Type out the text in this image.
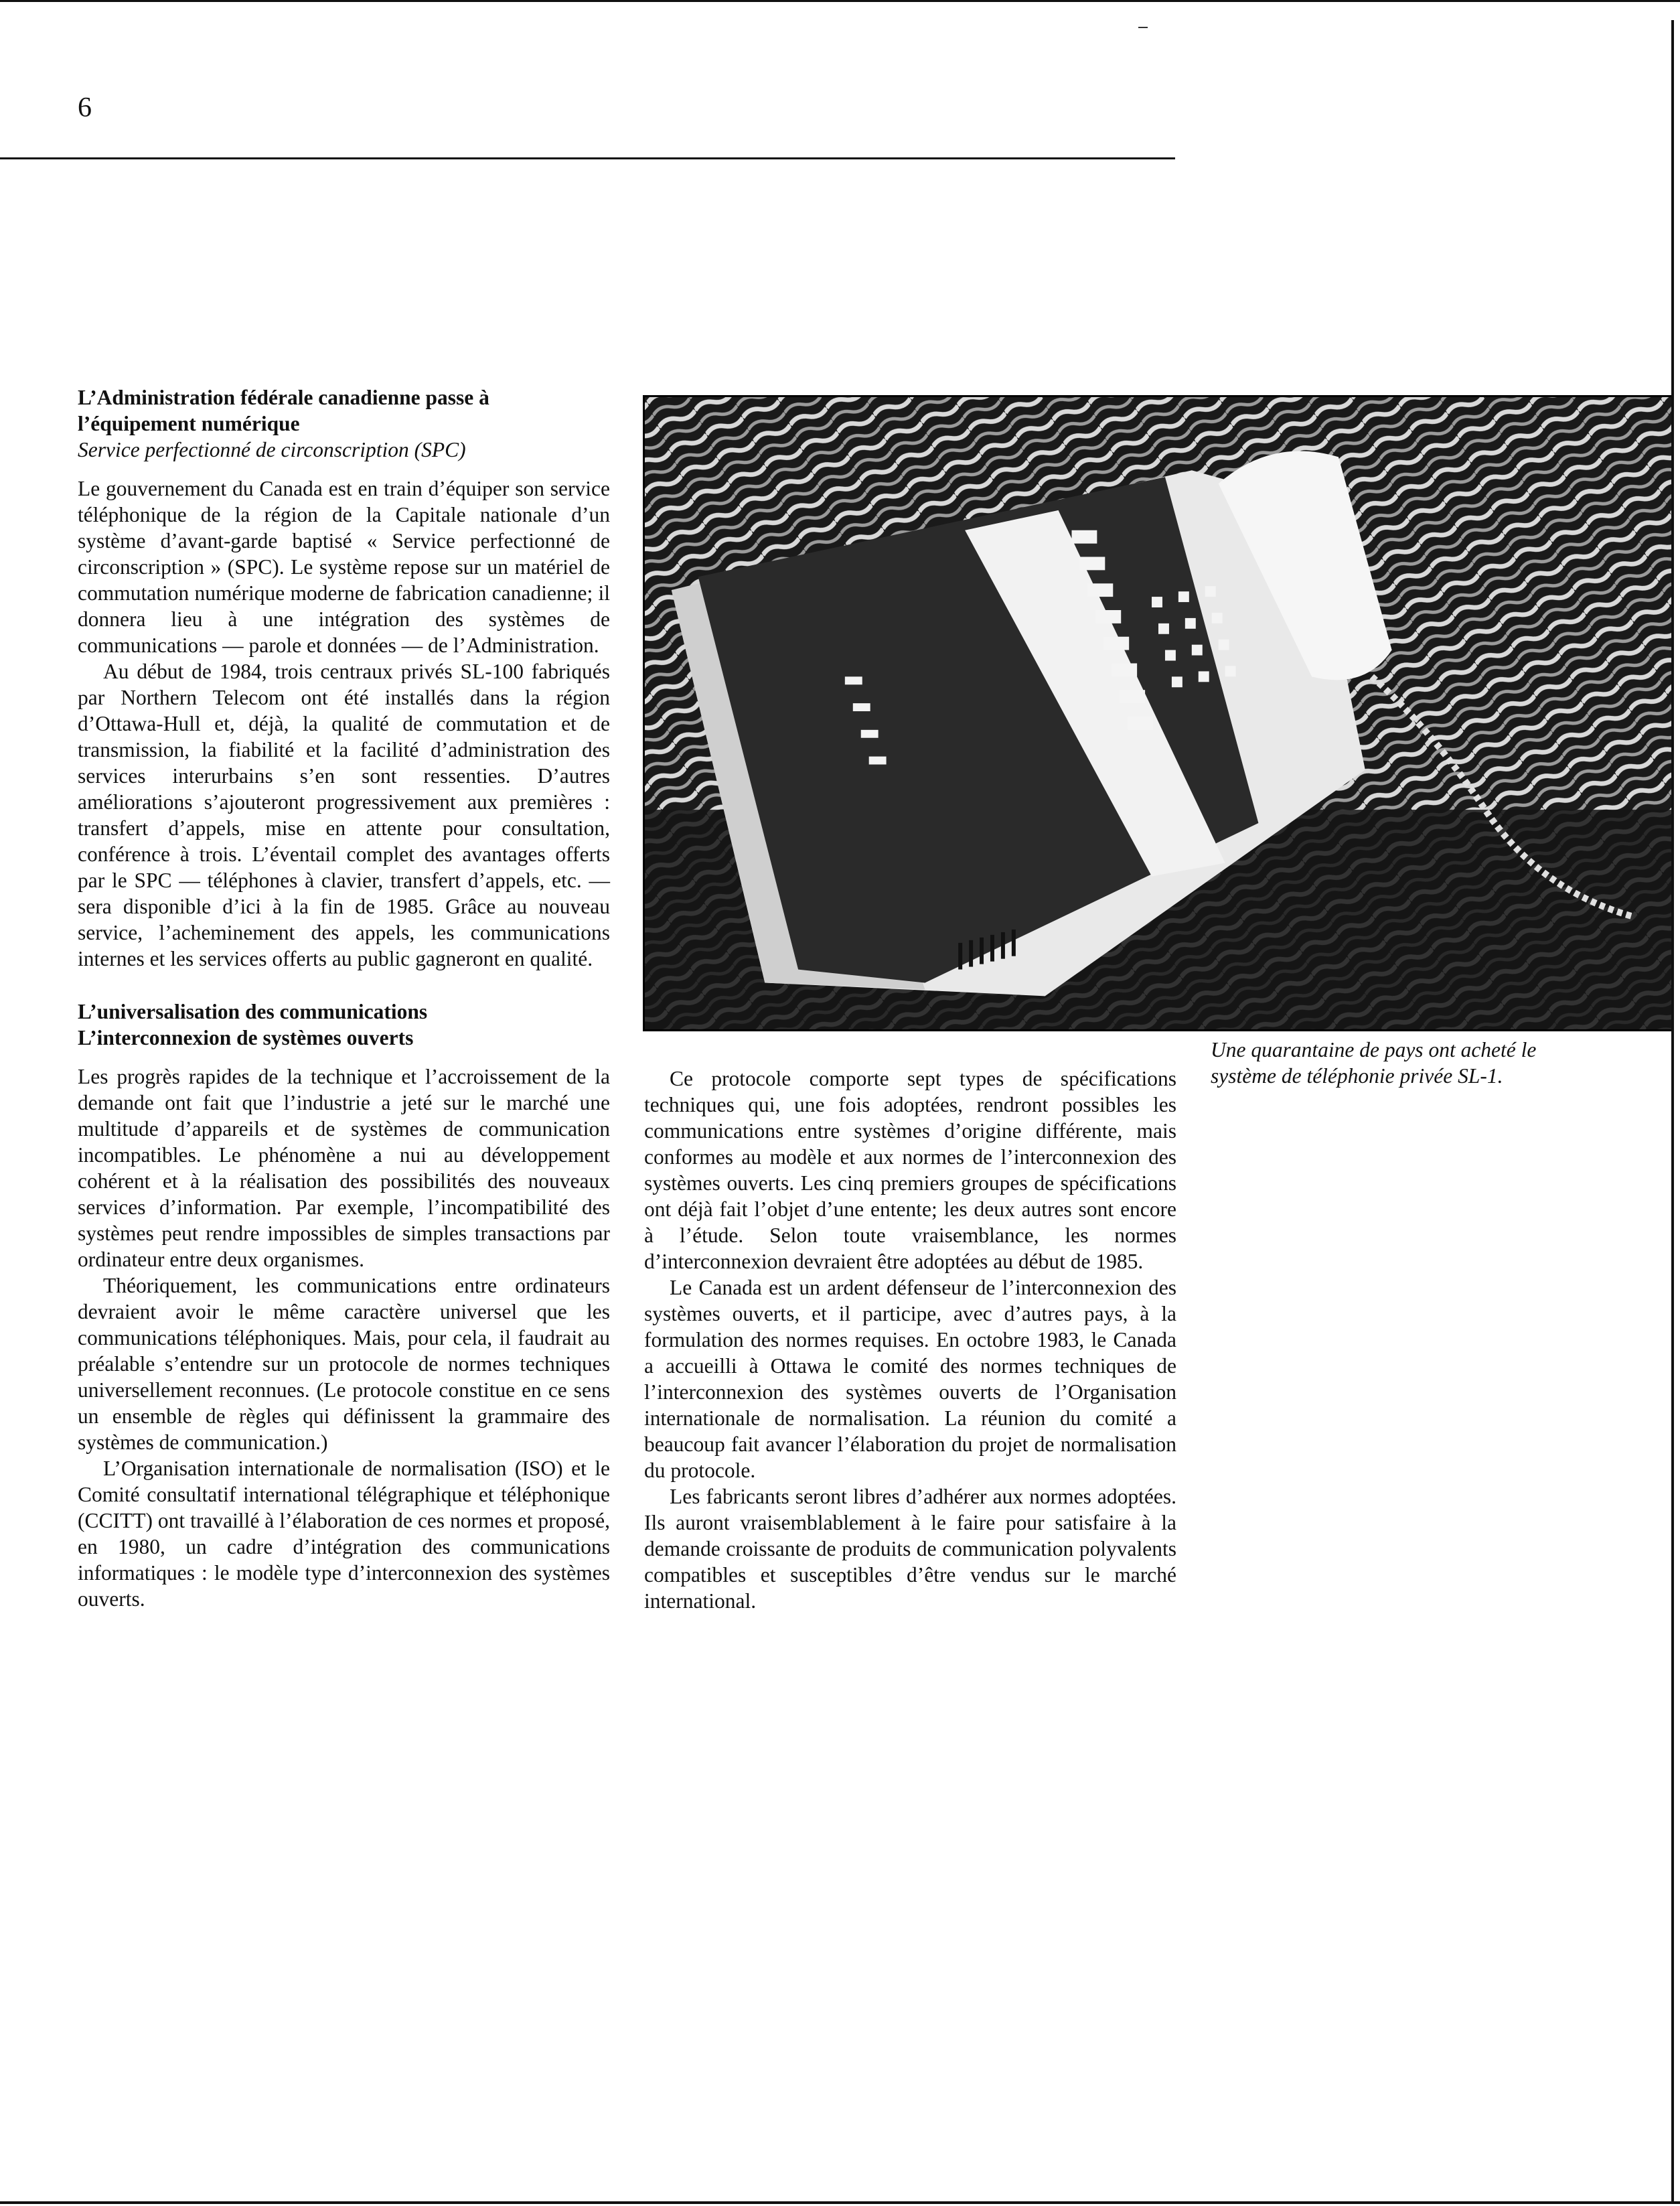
6
L’Administration fédérale canadienne passe à
l’équipement numérique

Service perfectionné de circonscription (SPC)

Le gouvernement du Canada est en train d’équiper son service téléphonique de la région de la Capitale nationale d’un système d’avant-garde baptisé « Service perfectionné de circonscription » (SPC). Le système repose sur un matériel de commutation numérique moderne de fabrication canadienne; il donnera lieu à une intégration des systèmes de communications — parole et données — de l’Administration.

Au début de 1984, trois centraux privés SL-100 fabriqués par Northern Telecom ont été installés dans la région d’Ottawa-Hull et, déjà, la qualité de commutation et de transmission, la fiabilité et la facilité d’administration des services interurbains s’en sont ressenties. D’autres améliorations s’ajouteront progressivement aux premières : transfert d’appels, mise en attente pour consultation, conférence à trois. L’éventail complet des avantages offerts par le SPC — téléphones à clavier, transfert d’appels, etc. — sera disponible d’ici à la fin de 1985. Grâce au nouveau service, l’acheminement des appels, les communications internes et les services offerts au public gagneront en qualité.

L’universalisation des communications
L’interconnexion de systèmes ouverts

Les progrès rapides de la technique et l’accroissement de la demande ont fait que l’industrie a jeté sur le marché une multitude d’appareils et de systèmes de communication incompatibles. Le phénomène a nui au développement cohérent et à la réalisation des possibilités des nouveaux services d’information. Par exemple, l’incompatibilité des systèmes peut rendre impossibles de simples transactions par ordinateur entre deux organismes.

Théoriquement, les communications entre ordinateurs devraient avoir le même caractère universel que les communications téléphoniques. Mais, pour cela, il faudrait au préalable s’entendre sur un protocole de normes techniques universellement reconnues. (Le protocole constitue en ce sens un ensemble de règles qui définissent la grammaire des systèmes de communication.)

L’Organisation internationale de normalisation (ISO) et le Comité consultatif international télégraphique et téléphonique (CCITT) ont travaillé à l’élaboration de ces normes et proposé, en 1980, un cadre d’intégration des communications informatiques : le modèle type d’interconnexion des systèmes ouverts.

Une quarantaine de pays ont acheté le
système de téléphonie privée SL-1.

Ce protocole comporte sept types de spécifications techniques qui, une fois adoptées, rendront possibles les communications entre systèmes d’origine différente, mais conformes au modèle et aux normes de l’interconnexion des systèmes ouverts. Les cinq premiers groupes de spécifications ont déjà fait l’objet d’une entente; les deux autres sont encore à l’étude. Selon toute vraisemblance, les normes d’interconnexion devraient être adoptées au début de 1985.

Le Canada est un ardent défenseur de l’interconnexion des systèmes ouverts, et il participe, avec d’autres pays, à la formulation des normes requises. En octobre 1983, le Canada a accueilli à Ottawa le comité des normes techniques de l’interconnexion des systèmes ouverts de l’Organisation internationale de normalisation. La réunion du comité a beaucoup fait avancer l’élaboration du projet de normalisation du protocole.

Les fabricants seront libres d’adhérer aux normes adoptées. Ils auront vraisemblablement à le faire pour satisfaire à la demande croissante de produits de communication polyvalents compatibles et susceptibles d’être vendus sur le marché international.
